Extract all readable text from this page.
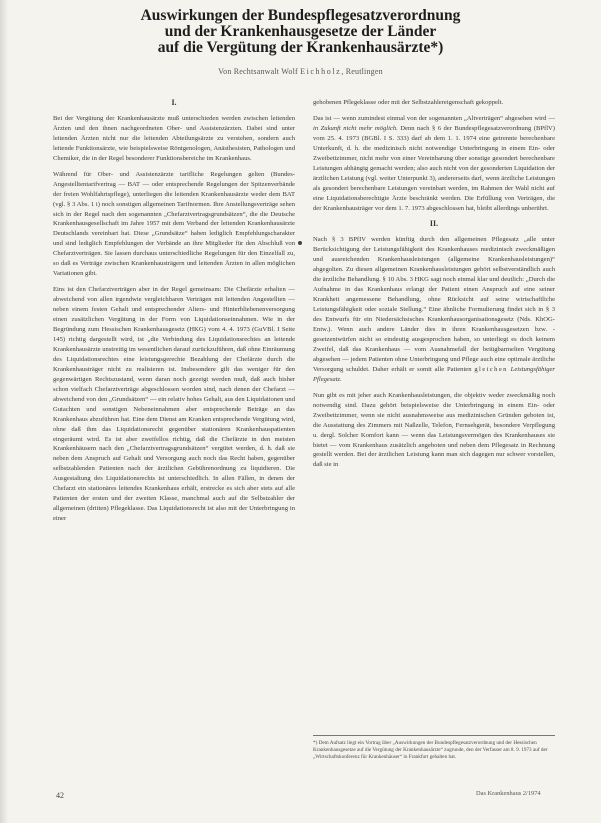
Auswirkungen der Bundespflegesatzverordnung
und der Krankenhausgesetze der Länder
auf die Vergütung der Krankenhausärzte*)
Von Rechtsanwalt Wolf Eichholz, Reutlingen
I.

Bei der Vergütung der Krankenhausärzte muß unterschieden werden zwischen leitenden Ärzten und den ihnen nachgeordneten Ober- und Assistenzärzten. Dabei sind unter leitenden Ärzten nicht nur die leitenden Abteilungsärzte zu verstehen, sondern auch leitende Funktionsärzte, wie beispielsweise Röntgenologen, Anästhesisten, Pathologen und Chemiker, die in der Regel besonderer Funktionsbereiche im Krankenhaus.

Während für Ober- und Assistenzärzte tarifliche Regelungen gelten (Bundes-Angestelltentarifvertrag — BAT — oder entsprechende Regelungen der Spitzenverbände der freien Wohlfahrtspflege), unterliegen die leitenden Krankenhausärzte weder dem BAT (vgl. § 3 Abs. 1 i) noch sonstigen allgemeinen Tarifnormen. Ihre Anstellungsverträge sehen sich in der Regel nach den sogenannten „Chefarztvertragsgrundsätzen“, die die Deutsche Krankenhausgesellschaft im Jahre 1957 mit dem Verband der leitenden Krankenhausärzte Deutschlands vereinbart hat. Diese „Grundsätze“ haben lediglich Empfehlungscharakter und sind lediglich Empfehlungen der Verbände an ihre Mitglieder für den Abschluß von Chefarztverträgen. Sie lassen durchaus unterschiedliche Regelungen für den Einzelfall zu, so daß es Verträge zwischen Krankenhausträgern und leitenden Ärzten in allen möglichen Variationen gibt.

Eins ist den Chefarztverträgen aber in der Regel gemeinsam: Die Chefärzte erhalten — abweichend von allen irgendwie vergleichbaren Verträgen mit leitenden Angestellten — neben einem festen Gehalt und entsprechender Alters- und Hinterbliebenenversorgung einen zusätzlichen Vergütung in der Form von Liquidationseinnahmen. Wie in der Begründung zum Hessischen Krankenhausgesetz (HKG) vom 4. 4. 1973 (GuVBl. I Seite 145) richtig dargestellt wird, ist „die Verbindung des Liquidationsrechtes an leitende Krankenhausärzte unstreitig im wesentlichen darauf zurückzuführen, daß ohne Einräumung des Liquidationsrechtes eine leistungsgerechte Bezahlung der Chefärzte durch die Krankenhausträger nicht zu realisieren ist. Insbesondere gilt das weniger für den gegenwärtigen Rechtszustand, wenn daran noch gezeigt werden muß, daß auch bisher schon vielfach Chefarztverträge abgeschlossen worden sind, nach denen der Chefarzt — abweichend von den „Grundsätzen“ — ein relativ hohes Gehalt, aus den Liquidationen und Gutachten und sonstigen Nebeneinnahmen aber entsprechende Beträge an das Krankenhaus abzuführen hat. Eine dem Dienst am Kranken entsprechende Vergütung wird, ohne daß ihm das Liquidationsrecht gegenüber stationären Krankenhauspatienten eingeräumt wird. Es ist aber zweifellos richtig, daß die Chefärzte in den meisten Krankenhäusern nach den „Chefarztvertragsgrundsätzen“ vergütet werden, d. h. daß sie neben dem Anspruch auf Gehalt und Versorgung auch noch das Recht haben, gegenüber selbstzahlenden Patienten nach der ärztlichen Gebührenordnung zu liquidieren. Die Ausgestaltung des Liquidationsrechts ist unterschiedlich. In allen Fällen, in denen der Chefarzt ein stationäres leitendes Krankenhaus erhält, erstrecke es sich aber stets auf alle Patienten der ersten und der zweiten Klasse, manchmal auch auf die Selbstzahler der allgemeinen (dritten) Pflegeklasse. Das Liquidationsrecht ist also mit der Unterbringung in einer

gehobenen Pflegeklasse oder mit der Selbstzahlereigenschaft gekoppelt.

Das ist — wenn zumindest einmal von der sogenannten „Altverträgen“ abgesehen wird — in Zukunft nicht mehr möglich. Denn nach § 6 der Bundespflegesatzverordnung (BPflV) vom 25. 4. 1973 (BGBl. I S. 333) darf ab dem 1. 1. 1974 eine getrennte berechenbare Unterkunft, d. h. die medizinisch nicht notwendige Unterbringung in einem Ein- oder Zweibettzimmer, nicht mehr von einer Vereinbarung über sonstige gesondert berechenbare Leistungen abhängig gemacht werden; also auch nicht von der gesonderten Liquidation der ärztlichen Leistung (vgl. weiter Unterpunkt 3), andererseits darf, wenn ärztliche Leistungen als gesondert berechenbare Leistungen vereinbart werden, im Rahmen der Wahl nicht auf eine Liquidationsberechtigte Ärzte beschränkt werden. Die Erfüllung von Verträgen, die der Krankenhausträger vor dem 1. 7. 1973 abgeschlossen hat, bleibt allerdings unberührt.

II.

Nach § 3 BPfIV werden künftig durch den allgemeinen Pflegesatz „alle unter Berücksichtigung der Leistungsfähigkeit des Krankenhauses medizinisch zweckmäßigen und ausreichenden Krankenhausleistungen (allgemeine Krankenhausleistungen)“ abgegolten. Zu diesen allgemeinen Krankenhausleistungen gehört selbstverständlich auch die ärztliche Behandlung. § 10 Abs. 3 HKG sagt noch einmal klar und deutlich: „Durch die Aufnahme in das Krankenhaus erlangt der Patient einen Anspruch auf eine seiner Krankheit angemessene Behandlung, ohne Rücksicht auf seine wirtschaftliche Leistungsfähigkeit oder soziale Stellung.“ Eine ähnliche Formulierung findet sich in § 3 des Entwurfs für ein Niedersächsisches Krankenhausorganisationsgesetz (Nds. KhOG-Entw.). Wenn auch andere Länder dies in ihren Krankenhausgesetzen bzw. -gesetzentwürfen nicht so eindeutig ausgesprochen haben, so unterliegt es doch keinem Zweifel, daß das Krankenhaus — vom Ausnahmefall der beiügbarmelten Vergütung abgesehen — jedem Patienten ohne Unterbringung und Pflege auch eine optimale ärztliche Versorgung schuldet. Daher erhält er somit alle Patienten gleichen Leistungsfähiger Pflegesatz.

Nun gibt es mit jeher auch Krankenhausleistungen, die objektiv weder zweckmäßig noch notwendig sind. Dazu gehört beispielsweise die Unterbringung in einem Ein- oder Zweibettzimmer, wenn sie nicht ausnahmsweise aus medizinischen Gründen geboten ist, die Ausstattung des Zimmers mit Naßzelle, Telefon, Fernsehgerät, besondere Verpflegung u. dergl. Solcher Komfort kann — wenn das Leistungsvermögen des Krankenhauses sie bietet — vom Krankenhaus zusätzlich angeboten und neben dem Pflegesatz in Rechnung gestellt werden. Bei der ärztlichen Leistung kann man sich dagegen nur schwer vorstellen, daß sie in

*) Dem Aufsatz liegt ein Vortrag über „Auswirkungen der Bundespflegesatzverordnung und der Hessischen Krankenhausgesetze auf die Vergütung der Krankenhausärzte“ zugrunde, den der Verfasser am 8. 9. 1973 auf der „Wirtschaftskonferenz für Krankenhäuser“ in Frankfurt gehalten hat.
42	Das Krankenhaus 2/1974
